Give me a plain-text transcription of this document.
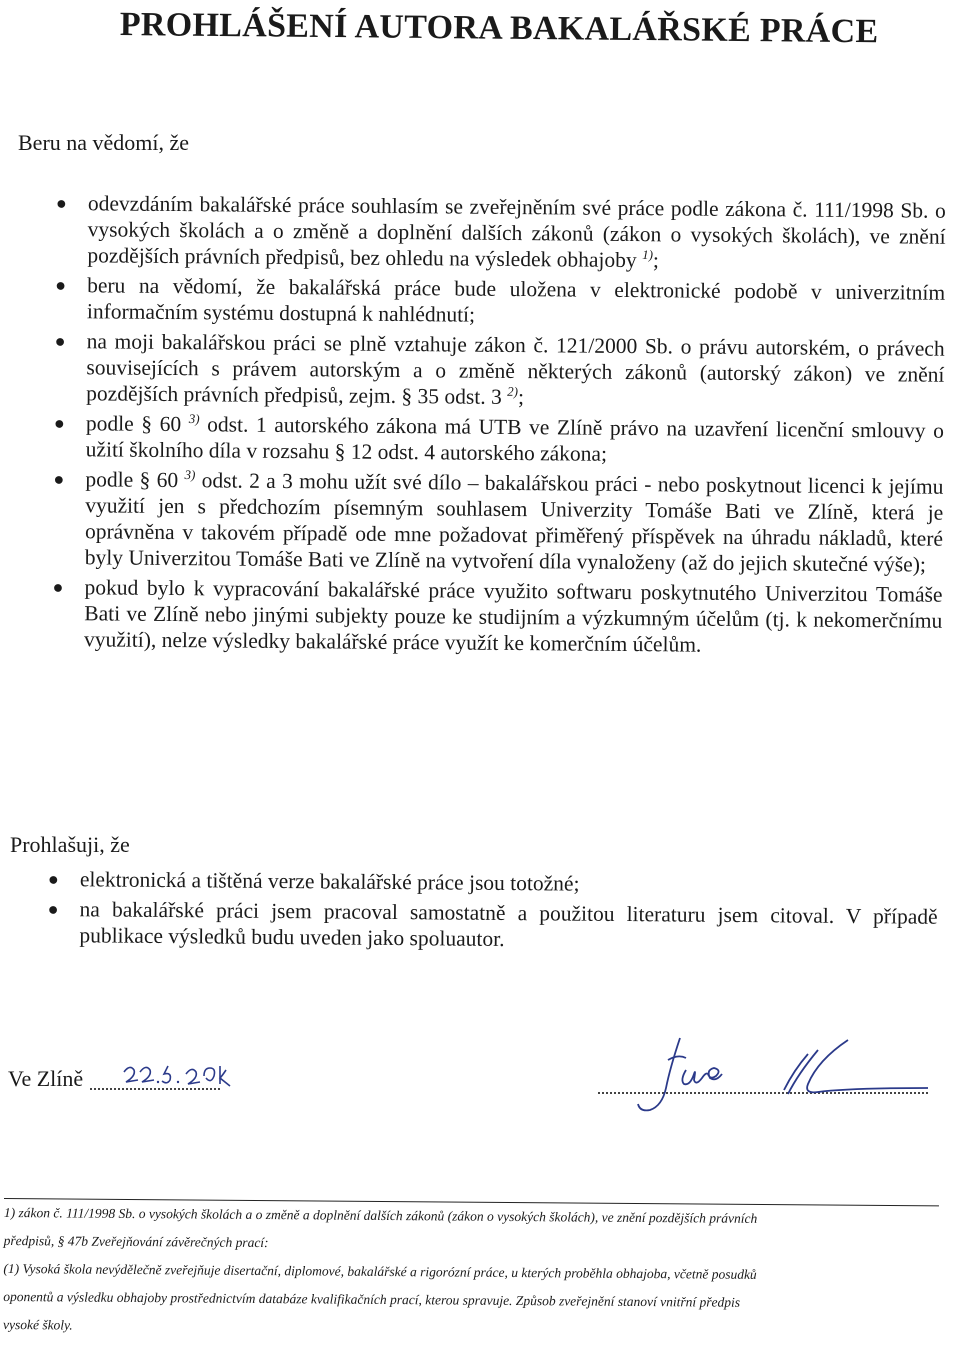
PROHLÁŠENÍ AUTORA BAKALÁŘSKÉ PRÁCE
Beru na vědomí, že
● odevzdáním bakalářské práce souhlasím se zveřejněním své práce podle zákona č. 111/1998 Sb. o vysokých školách a o změně a doplnění dalších zákonů (zákon o vysokých školách), ve znění pozdějších právních předpisů, bez ohledu na výsledek obhajoby $^{1)}$;
● beru na vědomí, že bakalářská práce bude uložena v elektronické podobě v univerzitním informačním systému dostupná k nahlédnutí;
● na moji bakalářskou práci se plně vztahuje zákon č. 121/2000 Sb. o právu autorském, o právech souvisejících s právem autorským a o změně některých zákonů (autorský zákon) ve znění pozdějších právních předpisů, zejm. § 35 odst. 3 $^{2)}$;
● podle § 60 $^{3)}$ odst. 1 autorského zákona má UTB ve Zlíně právo na uzavření licenční smlouvy o užití školního díla v rozsahu § 12 odst. 4 autorského zákona;
● podle § 60 $^{3)}$ odst. 2 a 3 mohu užít své dílo – bakalářskou práci - nebo poskytnout licenci k jejímu využití jen s předchozím písemným souhlasem Univerzity Tomáše Bati ve Zlíně, která je oprávněna v takovém případě ode mne požadovat přiměřený příspěvek na úhradu nákladů, které byly Univerzitou Tomáše Bati ve Zlíně na vytvoření díla vynaloženy (až do jejich skutečné výše);
● pokud bylo k vypracování bakalářské práce využito softwaru poskytnutého Univerzitou Tomáše Bati ve Zlíně nebo jinými subjekty pouze ke studijním a výzkumným účelům (tj. k nekomerčnímu využití), nelze výsledky bakalářské práce využít ke komerčním účelům.
Prohlašuji, že
● elektronická a tištěná verze bakalářské práce jsou totožné;
● na bakalářské práci jsem pracoval samostatně a použitou literaturu jsem citoval. V případě publikace výsledků budu uveden jako spoluautor.
Ve Zlíně

1) zákon č. 111/1998 Sb. o vysokých školách a o změně a doplnění dalších zákonů (zákon o vysokých školách), ve znění pozdějších právních

předpisů, § 47b Zveřejňování závěrečných prací:

(1) Vysoká škola nevýdělečně zveřejňuje disertační, diplomové, bakalářské a rigorózní práce, u kterých proběhla obhajoba, včetně posudků

oponentů a výsledku obhajoby prostřednictvím databáze kvalifikačních prací, kterou spravuje. Způsob zveřejnění stanoví vnitřní předpis

vysoké školy.
